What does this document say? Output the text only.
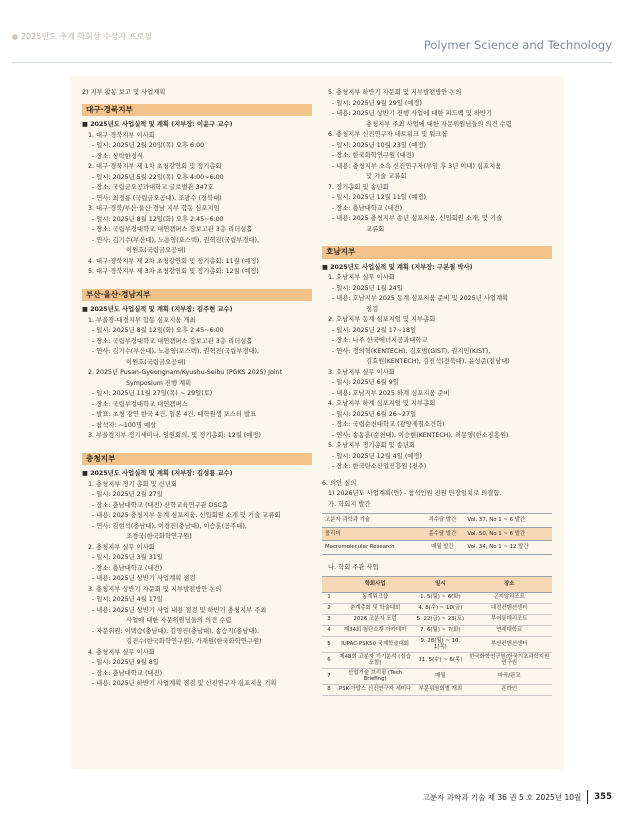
2025년도 추계 학회상 수상자 프로필
Polymer Science and Technology
2) 지부 활동 보고 및 사업계획
대구·경북지부
■ 2025년도 사업실적 및 계획 (지부장: 이윤구 교수)
1. 대구·경북지부 이사회
- 일시: 2025년 2월 20일(목) 오후 6:00
- 장소: 상락한정식
2. 대구·경북지부 제 1차 초청강연회 및 정기총회
- 일시: 2025년 5월 22일(목) 오후 4:00~6:00
- 장소: 국립금오공과대학교 글로벌관 347호
- 연사: 최정룡 (국립금오공대), 조광수 (경북대)
3. 대구·경북/부산·울산·경남 지부 합동 심포지엄
- 일시: 2025년 8월 12일(화) 오후 2:45~6:00
- 장소: 국립부경대학교 대연캠퍼스 장보고관 3층 리더섬홀
- 연사: 김기수(부산대), 노용영(포스텍), 권혁진(국립부경대),
이원호(국립금오공대)
4. 대구·경북지부 제 2차 초청강연회 및 정기총회: 11월 (예정)
5. 대구·경북지부 제 3차 초청강연회 및 정기총회: 12월 (예정)
부산·울산·경남지부
■ 2025년도 사업실적 및 계획 (지부장: 김주현 교수)
1. 부울경-대경지부 합동 심포지움 개최
- 일시: 2025년 8월 12일(화) 오후 2:45~6:00
- 장소: 국립부경대학교 대연캠퍼스 장보고관 3층 리더섬홀
- 연사: 김기수(부산대), 노용영(포스텍), 권혁진(국립부경대),
이원호(국립금오공대)
2. 2025년 Pusan-Gyeongnam/Kyushu-Seibu (PGKS 2025) Joint
Symposium 진행 계획
- 일시: 2025년 11월 27일(목) ~ 29일(토)
- 장소: 국립부경대학교 대연캠퍼스
- 발표: 초청 강연 한국 4건, 일본 4건, 대학원생 포스터 발표
- 참석자: ~100명 예상
3. 부울경지부 정기세미나, 임원회의, 및 정기총회: 12월 (예정)
충청지부
■ 2025년도 사업실적 및 계획 (지부장: 김성룡 교수)
1. 충청지부 정기 총회 및 신년회
- 일시: 2025년 2월 27일
- 장소: 충남대학교 (대전) 산학교육연구관 DSC홀
- 내용: 2025 충청지부 동계 심포지움, 신입회원 소개 및 기술 교류회
- 연사: 김현석(충남대), 이경진(충남대), 이승훈(공주대),
조경국(한국화학연구원)
2. 충청지부 실무 이사회
- 일시: 2025년 3월 31일
- 장소: 충남대학교 (대전)
- 내용: 2025년 상반기 사업계획 점검
3. 충청지부 상반기 자문회 및 지부발전방안 논의
- 일시: 2025년 4월 17일
- 내용: 2025년 상반기 사업 내용 점검 및 하반기 충청지부 주최
사업에 대한 자문위원님들의 의견 수렴
- 자문위원: 이택승(충남대), 김영진(충남대), 송승기(충남대),
김진수(한국화학연구원), 가재원(한국화학연구원)
4. 충청지부 실무 이사회
- 일시: 2025년 9월 8일
- 장소: 충남대학교 (대전)
- 내용: 2025년 하반기 사업계획 점검 및 신진연구자 심포지움 기획
5. 충청지부 하반기 자문회 및 지부발전방안 논의
- 일시: 2025년 9월 29일 (예정)
- 내용: 2025년 상반기 진행 사업에 대한 피드백 및 하반기
충청지부 주최 사업에 대한 자문위원님들의 의견 수렴
6. 충청지부 신진연구자 네트워크 및 워크샵
- 일시: 2025년 10월 23일 (예정)
- 장소: 한국화학연구원 (대전)
- 내용: 충청지부 소속 신진연구자(부임 후 3년 이내) 심포지움
및 기술 교류회
7. 정기총회 및 송년회
- 일시: 2025년 12월 11일 (예정)
- 장소: 충남대학교 (대전)
- 내용: 2025 충청지부 송년 심포지움, 신입회원 소개, 및 기술
교류회
호남지부
■ 2025년도 사업실적 및 계획 (지부장: 구본철 박사)
1. 호남지부 실무 이사회
- 일시: 2025년 1월 24일
- 내용: 호남지부 2025 동계 심포지움 준비 및 2025년 사업계획
점검
2. 호남지부 동계 심포지엄 및 지부총회
- 일시: 2025년 2월 17~18일
- 장소: 나주 한국에너지공과대학교
- 연사: 정의혁(KENTECH), 김호범(GIST), 권지민(KIST),
김효원(KENTECH), 김진석(전북대), 윤성준(전남대)
3. 호남지부 실무 이사회
- 일시: 2025년 6월 9일
- 내용: 호남지부 2025 하계 심포지움 준비
4. 호남지부 하계 심포지엄 및 지부총회
- 일시: 2025년 6월 26~27일
- 장소: 국립순천대학교 (광양제철소견학)
- 연사: 송동훈(순천대), 이승현(KENTECH), 허몽영(한소진흥원)
5. 호남지부 정기총회 및 송년회
- 일시: 2025년 12월 4일 (예정)
- 장소: 한국탄소산업진흥원 (전주)
6. 의안 심의
1) 2026년도 사업계획(안) - 참석인원 전원 만장일치로 의결함.
가. 학회지 발간
고분자 과학과 기술	격수달 발간	Vol. 37, No 1 ~ 6 발간
폴리머	홀수달 발간	Vol. 50, No 1 ~ 6 발간
Macromolecular Research	매월 발간	Vol. 34, No 1 ~ 12 발간
나. 학회 주관 사업
	학회사업	일시	장소
1	동계워크샵	1. 5(월) ~ 6(화)	곤지암리조트
2	춘계총회 및 학술대회	4. 8(수) ~ 10(금)	대전컨벤션센터
3	2026 고분자 포럼	5. 22(금) ~ 23(토)	부여롯데리조트
4	제34회 첨단소재 아카데미	7. 6(월) ~ 7(화)	연세대학교
5	IUPAC-PSK50 국제학술대회	9. 28(월) ~ 10. 1(목)	부산컨벤션센터
6	제48회 고분자 기기분석 (실습포함)	11. 5(수) ~ 6(목)	한국화학연구원/한국기초과학지원연구원
7	산업기술 브리핑 (Tech Briefing)	매월	마곡/판교
8	PSK-아랍스 신진연구자 세미나	부문위원회별 개최	온라인
고분자 과학과 기술 제 36 권 5 호 2025년 10월 355
